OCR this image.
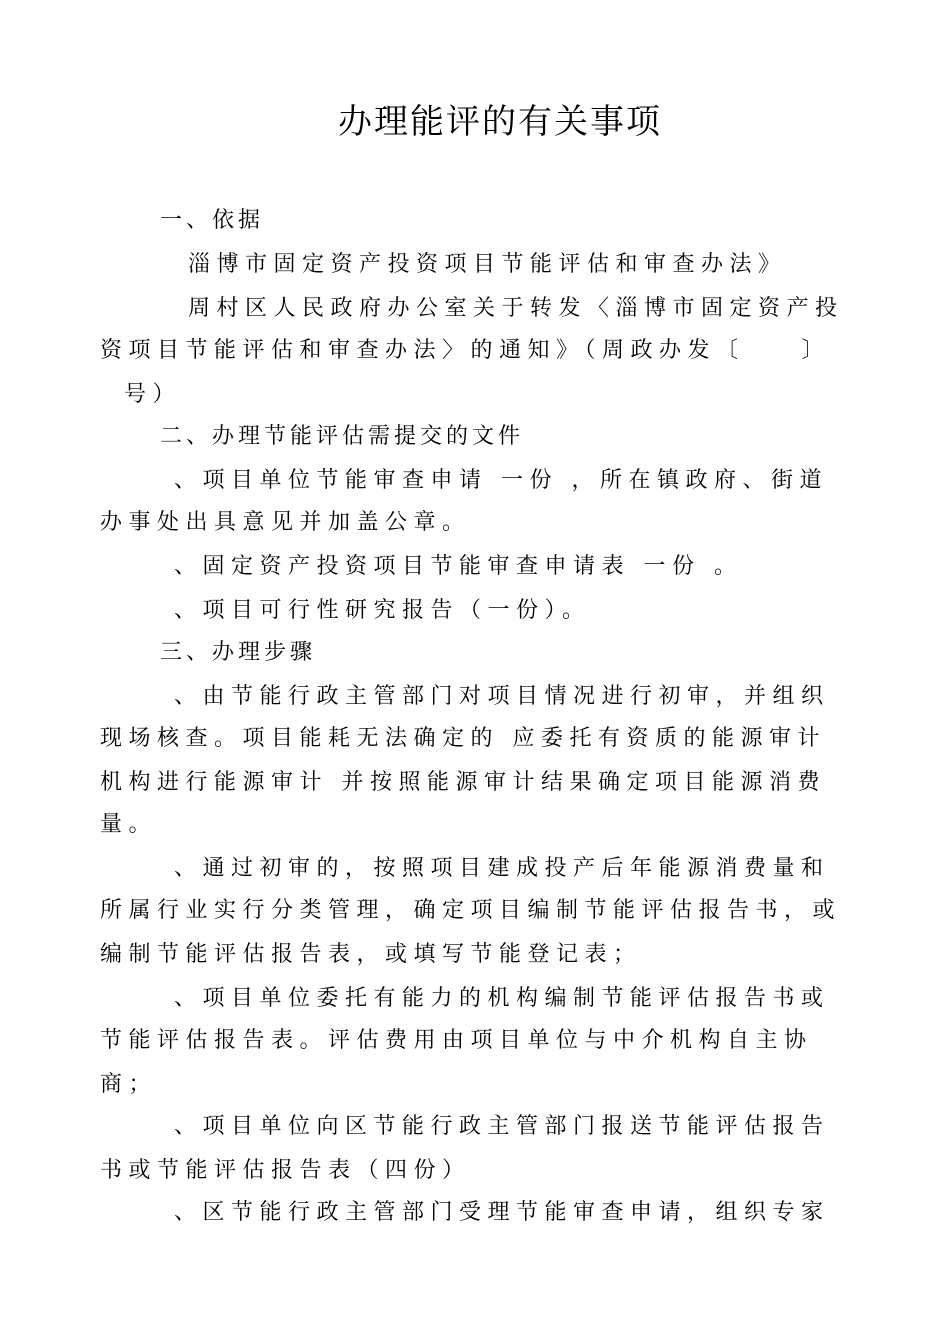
办理能评的有关事项
一、依据
淄博市固定资产投资项目节能评估和审查办法》
周村区人民政府办公室关于转发〈淄博市固定资产投
资项目节能评估和审查办法〉的通知》（周政办发〔　　〕
号）
二、办理节能评估需提交的文件
、项目单位节能审查申请 一份 ，所在镇政府、街道
办事处出具意见并加盖公章。
、固定资产投资项目节能审查申请表 一份 。
、项目可行性研究报告（一份）。
三、办理步骤
、由节能行政主管部门对项目情况进行初审，并组织
现场核查。项目能耗无法确定的 应委托有资质的能源审计
机构进行能源审计 并按照能源审计结果确定项目能源消费
量。
、通过初审的，按照项目建成投产后年能源消费量和
所属行业实行分类管理，确定项目编制节能评估报告书，或
编制节能评估报告表，或填写节能登记表；
、项目单位委托有能力的机构编制节能评估报告书或
节能评估报告表。评估费用由项目单位与中介机构自主协
商；
、项目单位向区节能行政主管部门报送节能评估报告
书或节能评估报告表（四份）
、区节能行政主管部门受理节能审查申请，组织专家
